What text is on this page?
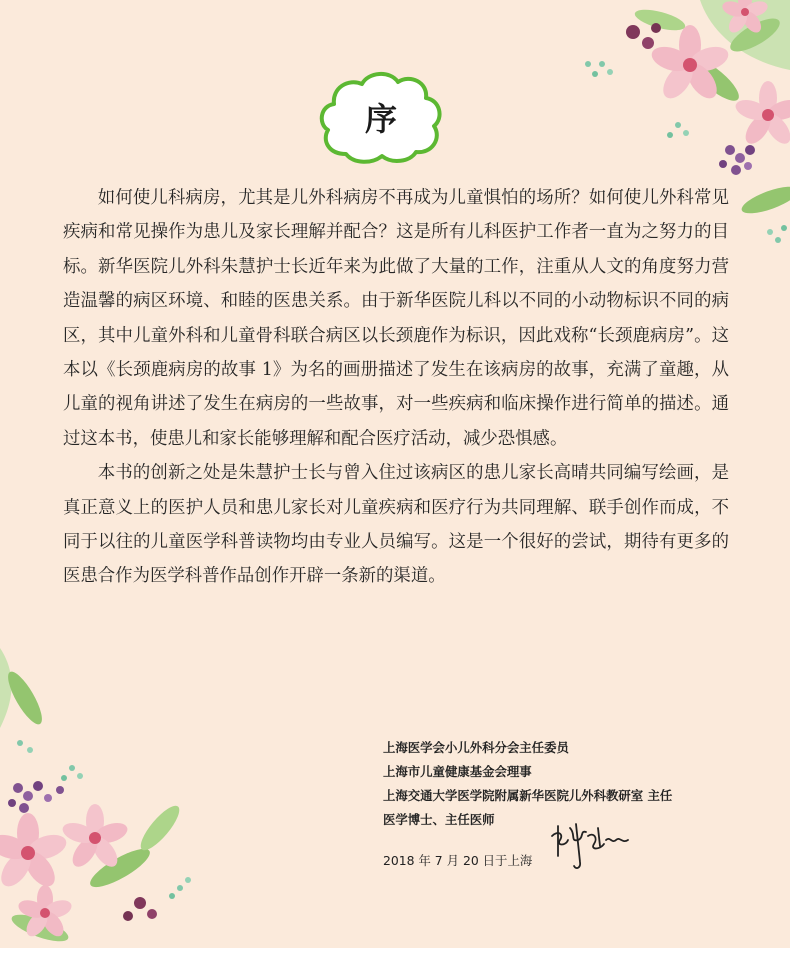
序

如何使儿科病房，尤其是儿外科病房不再成为儿童惧怕的场所？如何使儿外科常见疾病和常见操作为患儿及家长理解并配合？这是所有儿科医护工作者一直为之努力的目标。新华医院儿外科朱慧护士长近年来为此做了大量的工作，注重从人文的角度努力营造温馨的病区环境、和睦的医患关系。由于新华医院儿科以不同的小动物标识不同的病区，其中儿童外科和儿童骨科联合病区以长颈鹿作为标识，因此戏称“长颈鹿病房”。这本以《长颈鹿病房的故事 1》为名的画册描述了发生在该病房的故事，充满了童趣，从儿童的视角讲述了发生在病房的一些故事，对一些疾病和临床操作进行简单的描述。通过这本书，使患儿和家长能够理解和配合医疗活动，减少恐惧感。

本书的创新之处是朱慧护士长与曾入住过该病区的患儿家长高晴共同编写绘画，是真正意义上的医护人员和患儿家长对儿童疾病和医疗行为共同理解、联手创作而成，不同于以往的儿童医学科普读物均由专业人员编写。这是一个很好的尝试，期待有更多的医患合作为医学科普作品创作开辟一条新的渠道。

上海医学会小儿外科分会主任委员
上海市儿童健康基金会理事
上海交通大学医学院附属新华医院儿外科教研室 主任
医学博士、主任医师
2018 年 7 月 20 日于上海
